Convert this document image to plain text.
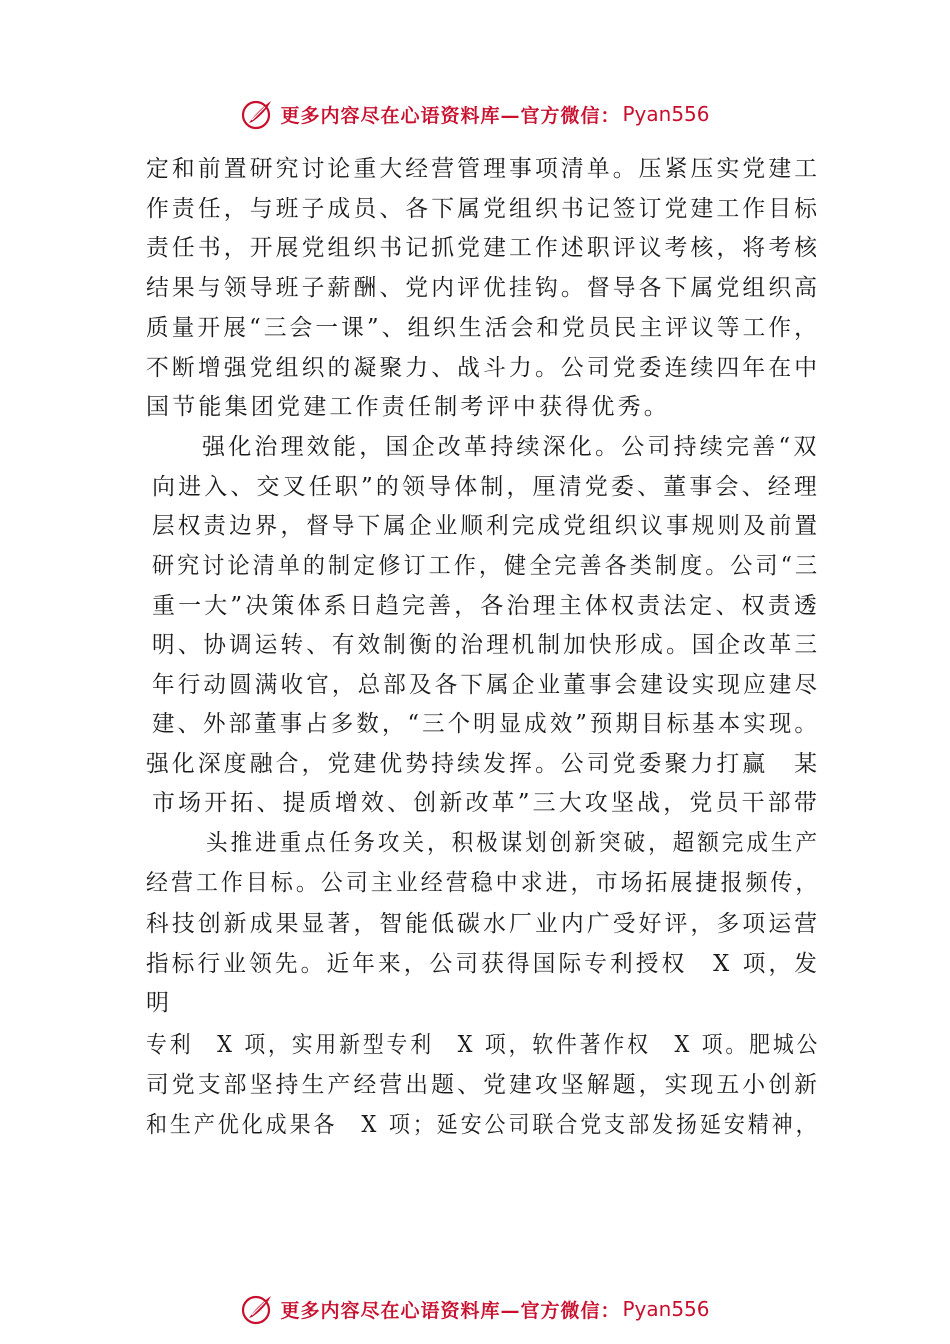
更多内容尽在心语资料库—官方微信： Pyan556
定和前置研究讨论重大经营管理事项清单。压紧压实党建工
作责任，与班子成员、各下属党组织书记签订党建工作目标
责任书，开展党组织书记抓党建工作述职评议考核，将考核
结果与领导班子薪酬、党内评优挂钩。督导各下属党组织高
质量开展“三会一课”、组织生活会和党员民主评议等工作，
不断增强党组织的凝聚力、战斗力。公司党委连续四年在中
国节能集团党建工作责任制考评中获得优秀。
强化治理效能，国企改革持续深化。公司持续完善“双
向进入、交叉任职”的领导体制，厘清党委、董事会、经理
层权责边界，督导下属企业顺利完成党组织议事规则及前置
研究讨论清单的制定修订工作，健全完善各类制度。公司“三
重一大”决策体系日趋完善，各治理主体权责法定、权责透
明、协调运转、有效制衡的治理机制加快形成。国企改革三
年行动圆满收官，总部及各下属企业董事会建设实现应建尽
建、外部董事占多数，“三个明显成效”预期目标基本实现。
强化深度融合，党建优势持续发挥。公司党委聚力打赢　某
市场开拓、提质增效、创新改革”三大攻坚战，党员干部带
头推进重点任务攻关，积极谋划创新突破，超额完成生产
经营工作目标。公司主业经营稳中求进，市场拓展捷报频传，
科技创新成果显著，智能低碳水厂业内广受好评，多项运营
指标行业领先。近年来，公司获得国际专利授权　X 项，发
明
专利　X 项，实用新型专利　X 项，软件著作权　X 项。肥城公
司党支部坚持生产经营出题、党建攻坚解题，实现五小创新
和生产优化成果各　X 项；延安公司联合党支部发扬延安精神，
更多内容尽在心语资料库—官方微信： Pyan556
